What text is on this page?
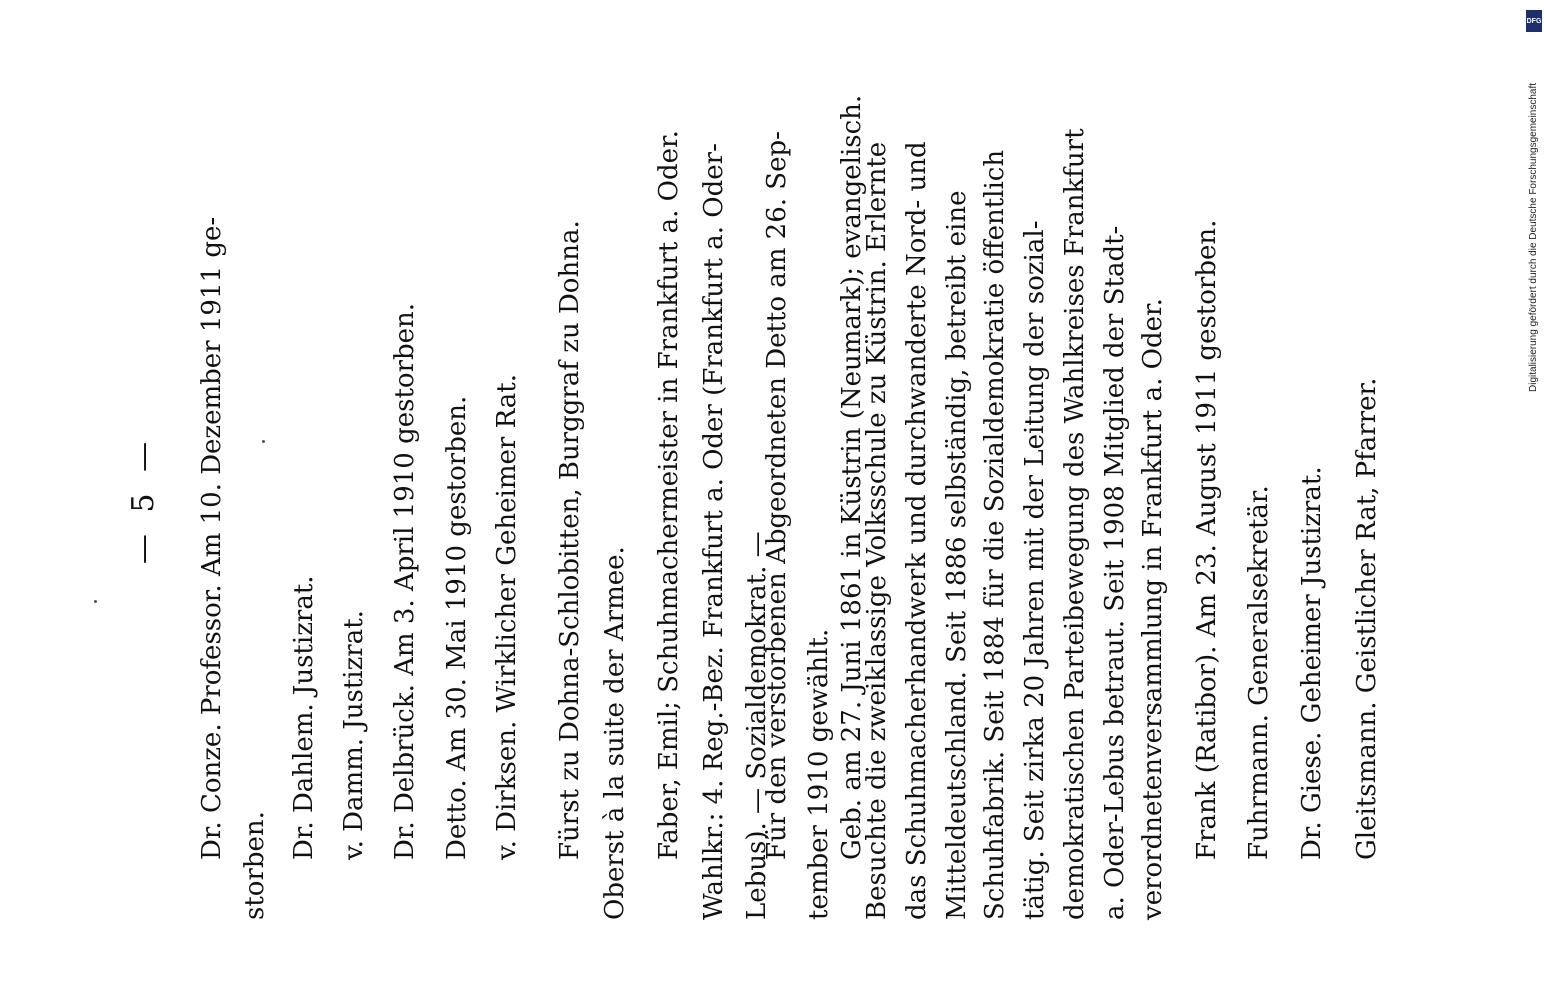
— 5 — Dr. Conze. Professor. Am 10. Dezember 1911 ge-
storben.
Dr. Dahlem. Justizrat. v. Damm. Justizrat. Dr. Delbrück. Am 3. April 1910 gestorben. Detto. Am 30. Mai 1910 gestorben. v. Dirksen. Wirklicher Geheimer Rat. Fürst zu Dohna-Schlobitten, Burggraf zu Dohna. Oberst à la suite der Armee. Faber, Emil; Schuhmachermeister in Frankfurt a. Oder. Wahlkr.: 4. Reg.-Bez. Frankfurt a. Oder (Frankfurt a. Oder- Lebus). — Sozialdemokrat. —
Für den verstorbenen Abgeordneten Detto am 26. Sep- tember 1910 gewählt. Geb. am 27. Juni 1861 in Küstrin (Neumark); evangelisch.
Besuchte die zweiklassige Volksschule zu Küstrin. Erlernte das Schuhmacherhandwerk und durchwanderte Nord- und Mitteldeutschland. Seit 1886 selbständig, betreibt eine Schuhfabrik. Seit 1884 für die Sozialdemokratie öffentlich tätig. Seit zirka 20 Jahren mit der Leitung der sozial- demokratischen Parteibewegung des Wahlkreises Frankfurt a. Oder-Lebus betraut. Seit 1908 Mitglied der Stadt- verordnetenversammlung in Frankfurt a. Oder. Frank (Ratibor). Am 23. August 1911 gestorben. Fuhrmann. Generalsekretär. Dr. Giese. Geheimer Justizrat. Gleitsmann. Geistlicher Rat, Pfarrer.
Digitalisierung gefördert durch die Deutsche Forschungsgemeinschaft
DFG
